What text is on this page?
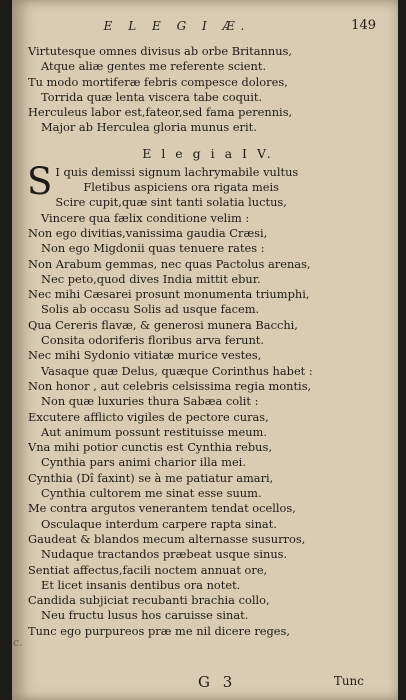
E L E G I Æ.	149
Virtutesque omnes divisus ab orbe Britannus,
Atque aliæ gentes me referente scient.
Tu modo mortiferæ febris compesce dolores,
Torrida quæ lenta viscera tabe coquit.
Herculeus labor est,fateor,sed fama perennis,
Major ab Herculea gloria munus erit.
E l e g i a I V.
S I quis demissi signum lachrymabile vultus
Fletibus aspiciens ora rigata meis
Scire cupit,quæ sint tanti solatia luctus,
Vincere qua fælix conditione velim :
Non ego divitias,vanissima gaudia Cræsi,
Non ego Migdonii quas tenuere rates :
Non Arabum gemmas, nec quas Pactolus arenas,
Nec peto,quod dives India mittit ebur.
Nec mihi Cæsarei prosunt monumenta triumphi,
Solis ab occasu Solis ad usque facem.
Qua Cereris flavæ, & generosi munera Bacchi,
Consita odoriferis floribus arva ferunt.
Nec mihi Sydonio vitiatæ murice vestes,
Vasaque quæ Delus, quæque Corinthus habet :
Non honor , aut celebris celsissima regia montis,
Non quæ luxuries thura Sabæa colit :
Excutere afflicto vigiles de pectore curas,
Aut animum possunt restituisse meum.
Vna mihi potior cunctis est Cynthia rebus,
Cynthia pars animi charior illa mei.
Cynthia (Dî faxint) se à me patiatur amari,
Cynthia cultorem me sinat esse suum.
Me contra argutos venerantem tendat ocellos,
Osculaque interdum carpere rapta sinat.
Gaudeat & blandos mecum alternasse susurros,
Nudaque tractandos præbeat usque sinus.
Sentiat affectus,facili noctem annuat ore,
Et licet insanis dentibus ora notet.
Candida subjiciat recubanti brachia collo,
Neu fructu lusus hos caruisse sinat.
Tunc ego purpureos præ me nil dicere reges,
G 3	Tunc
c.
